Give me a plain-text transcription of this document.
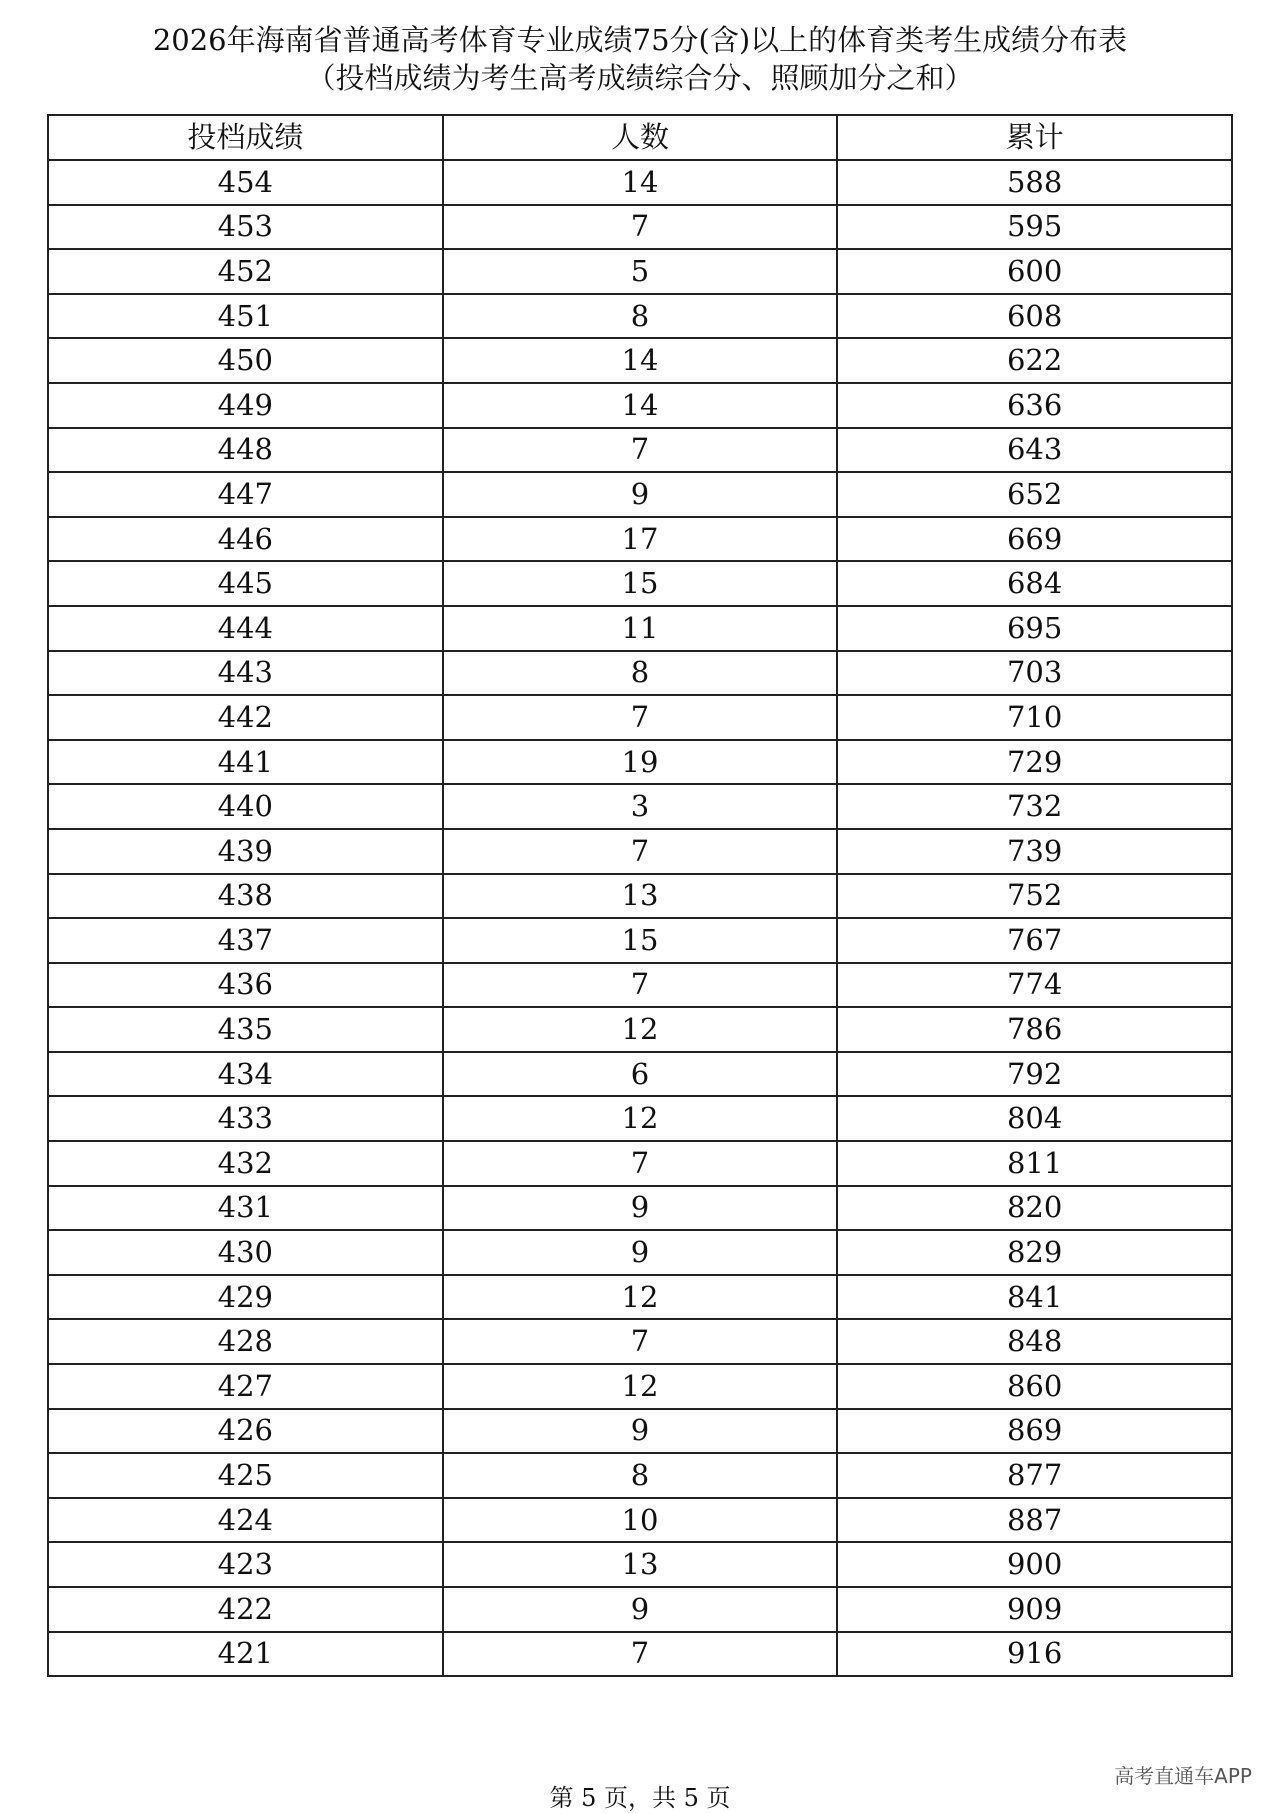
2026年海南省普通高考体育专业成绩75分(含)以上的体育类考生成绩分布表
（投档成绩为考生高考成绩综合分、照顾加分之和）
投档成绩	人数	累计
454	14	588
453	7	595
452	5	600
451	8	608
450	14	622
449	14	636
448	7	643
447	9	652
446	17	669
445	15	684
444	11	695
443	8	703
442	7	710
441	19	729
440	3	732
439	7	739
438	13	752
437	15	767
436	7	774
435	12	786
434	6	792
433	12	804
432	7	811
431	9	820
430	9	829
429	12	841
428	7	848
427	12	860
426	9	869
425	8	877
424	10	887
423	13	900
422	9	909
421	7	916
第 5 页，共 5 页
高考直通车APP
